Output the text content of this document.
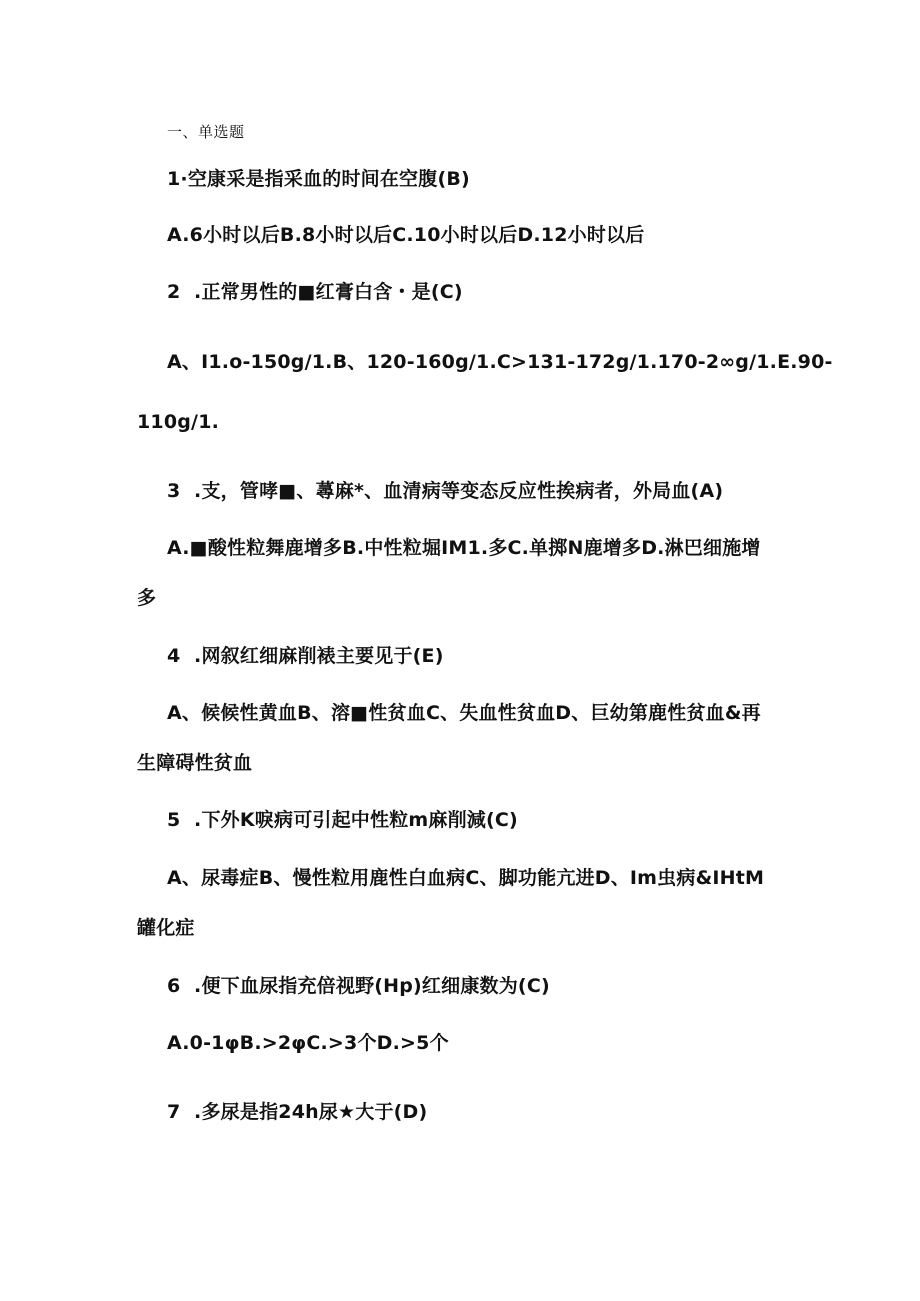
一、单选题
1·空康采是指采血的时间在空腹(B)
A.6小时以后B.8小时以后C.10小时以后D.12小时以后
2  .正常男性的■红膏白含・是(C)
A、I1.o-150g/1.B、120-160g/1.C>131-172g/1.170-2∞g/1.E.90-
110g/1.
3  .支，管哮■、蕁麻*、血清病等变态反应性挨病者，外局血(A)
A.■酸性粒舞鹿增多B.中性粒堀IM1.多C.单掷N鹿增多D.淋巴细施增
多
4  .网叙红细麻削裱主要见于(E)
A、候候性黄血B、溶■性贫血C、失血性贫血D、巨幼第鹿性贫血&再
生障碍性贫血
5  .下外K唳病可引起中性粒m麻削減(C)
A、尿毒症B、慢性粒用鹿性白血病C、脚功能亢进D、Im虫病&IHtM
罐化症
6  .便下血尿指充倍视野(Hp)红细康数为(C)
A.0-1φB.>2φC.>3个D.>5个
7  .多尿是指24h尿★大于(D)
